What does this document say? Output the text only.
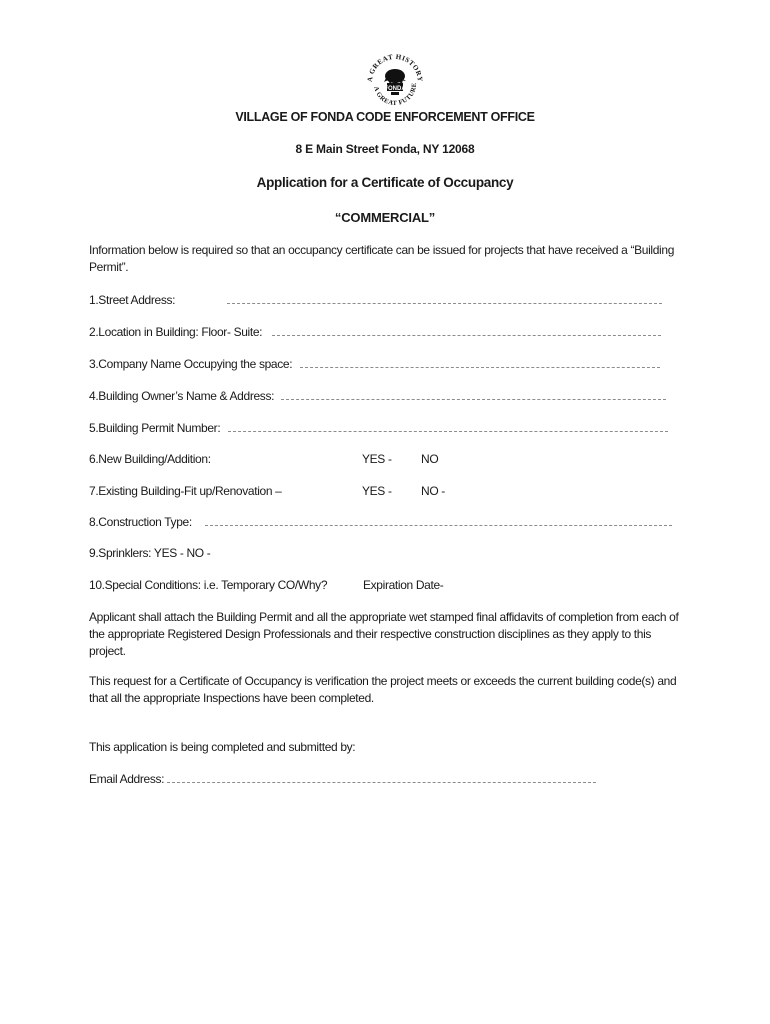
A GREAT HISTORY
A GREAT FUTURE
FONDA
VILLAGE OF FONDA CODE ENFORCEMENT OFFICE
8 E Main Street Fonda, NY 12068
Application for a Certificate of Occupancy
“COMMERCIAL”
Information below is required so that an occupancy certificate can be issued for projects that have received a “Building Permit”.
1.Street Address:
2.Location in Building: Floor- Suite:
3.Company Name Occupying the space:
4.Building Owner’s Name & Address:
5.Building Permit Number:
6.New Building/Addition:	YES - NO
7.Existing Building-Fit up/Renovation –	YES - NO -
8.Construction Type:
9.Sprinklers: YES - NO -
10.Special Conditions: i.e. Temporary CO/Why?	Expiration Date-
Applicant shall attach the Building Permit and all the appropriate wet stamped final affidavits of completion from each of the appropriate Registered Design Professionals and their respective construction disciplines as they apply to this project.
This request for a Certificate of Occupancy is verification the project meets or exceeds the current building code(s) and that all the appropriate Inspections have been completed.
This application is being completed and submitted by:
Email Address:
